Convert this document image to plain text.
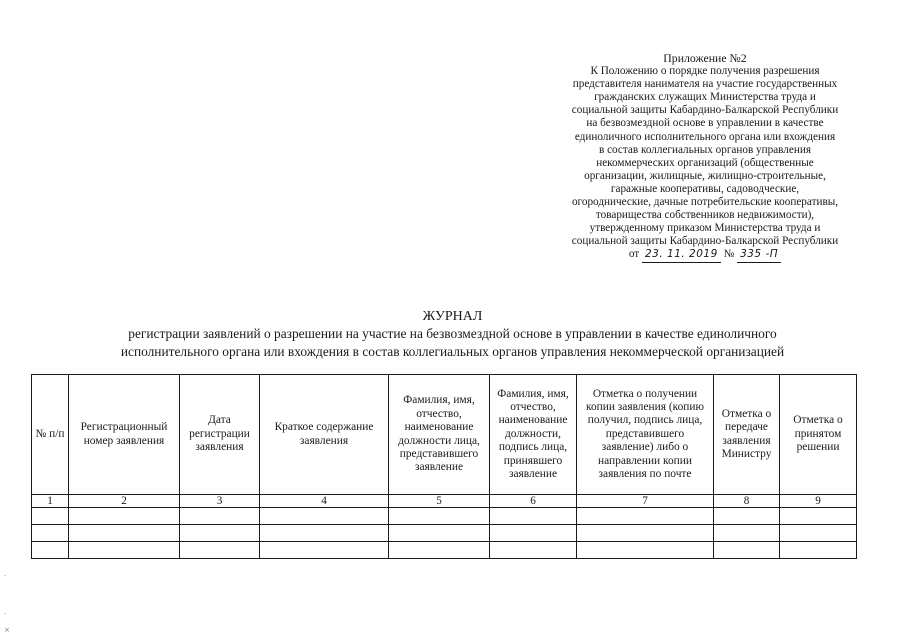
Приложение №2
К Положению о порядке получения разрешения
представителя нанимателя на участие государственных
гражданских служащих Министерства труда и
социальной защиты Кабардино-Балкарской Республики
на безвозмездной основе в управлении в качестве
единоличного исполнительного органа или вхождения
в состав коллегиальных органов управления
некоммерческих организаций (общественные
организации, жилищные, жилищно-строительные,
гаражные кооперативы, садоводческие,
огороднические, дачные потребительские кооперативы,
товарищества собственников недвижимости),
утвержденному приказом Министерства труда и
социальной защиты Кабардино-Балкарской Республики
от 23. 11. 2019 № 335 -П
ЖУРНАЛ
регистрации заявлений о разрешении на участие на безвозмездной основе в управлении в качестве единоличного
исполнительного органа или вхождения в состав коллегиальных органов управления некоммерческой организацией
№ п/п	Регистрационный номер заявления	Дата регистрации заявления	Краткое содержание заявления	Фамилия, имя, отчество, наименование должности лица, представившего заявление	Фамилия, имя, отчество, наименование должности, подпись лица, принявшего заявление	Отметка о получении копии заявления (копию получил, подпись лица, представившего заявление) либо о направлении копии заявления по почте	Отметка о передаче заявления Министру	Отметка о принятом решении
1	2	3	4	5	6	7	8	9

·
·
×
